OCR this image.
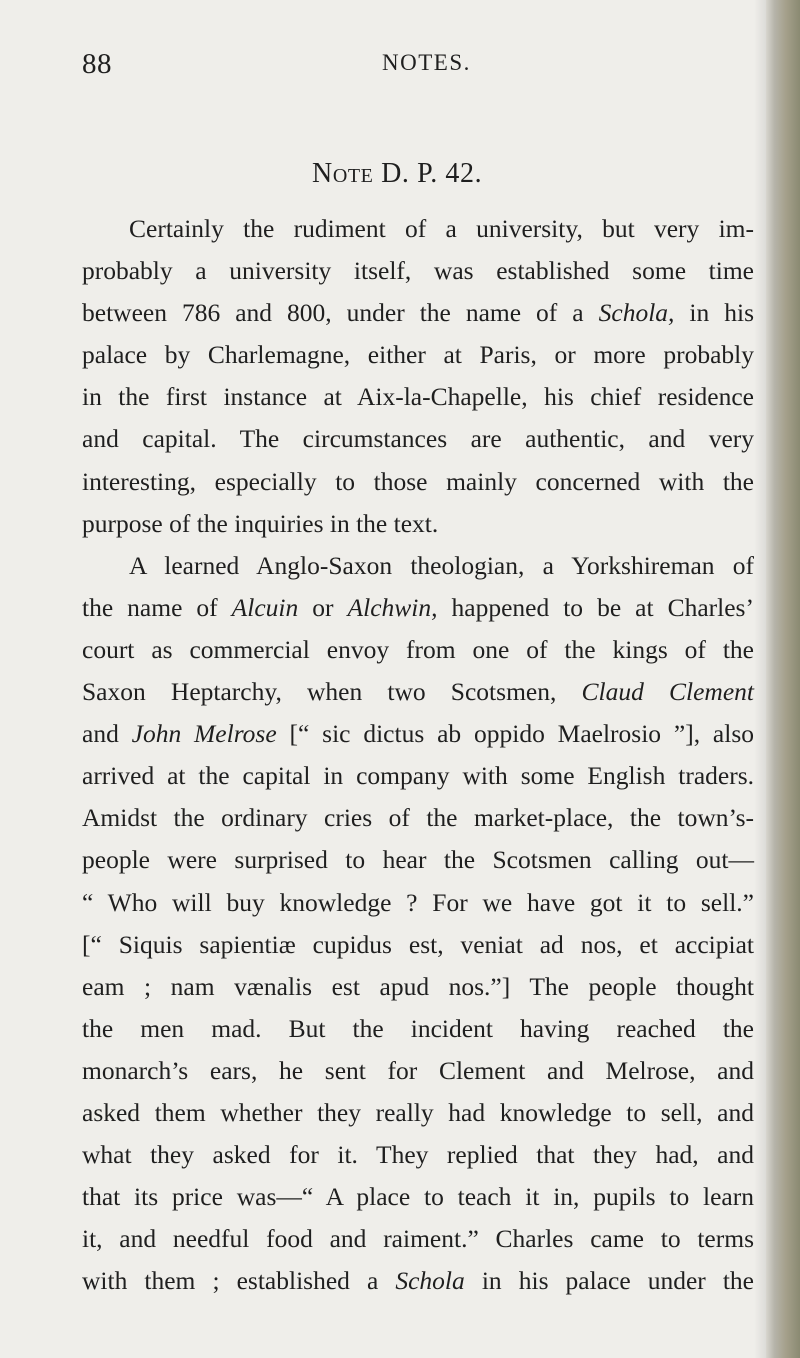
88	NOTES.
Note D. P. 42.
Certainly the rudiment of a university, but very im-
probably a university itself, was established some time
between 786 and 800, under the name of a Schola, in his
palace by Charlemagne, either at Paris, or more probably
in the first instance at Aix-la-Chapelle, his chief residence
and capital. The circumstances are authentic, and very
interesting, especially to those mainly concerned with the
purpose of the inquiries in the text.
A learned Anglo-Saxon theologian, a Yorkshireman of
the name of Alcuin or Alchwin, happened to be at Charles’
court as commercial envoy from one of the kings of the
Saxon Heptarchy, when two Scotsmen, Claud Clement
and John Melrose [“ sic dictus ab oppido Maelrosio ”], also
arrived at the capital in company with some English traders.
Amidst the ordinary cries of the market-place, the town’s-
people were surprised to hear the Scotsmen calling out—
“ Who will buy knowledge ? For we have got it to sell.”
[“ Siquis sapientiæ cupidus est, veniat ad nos, et accipiat
eam ; nam vænalis est apud nos.”] The people thought
the men mad. But the incident having reached the
monarch’s ears, he sent for Clement and Melrose, and
asked them whether they really had knowledge to sell, and
what they asked for it. They replied that they had, and
that its price was—“ A place to teach it in, pupils to learn
it, and needful food and raiment.” Charles came to terms
with them ; established a Schola in his palace under the
